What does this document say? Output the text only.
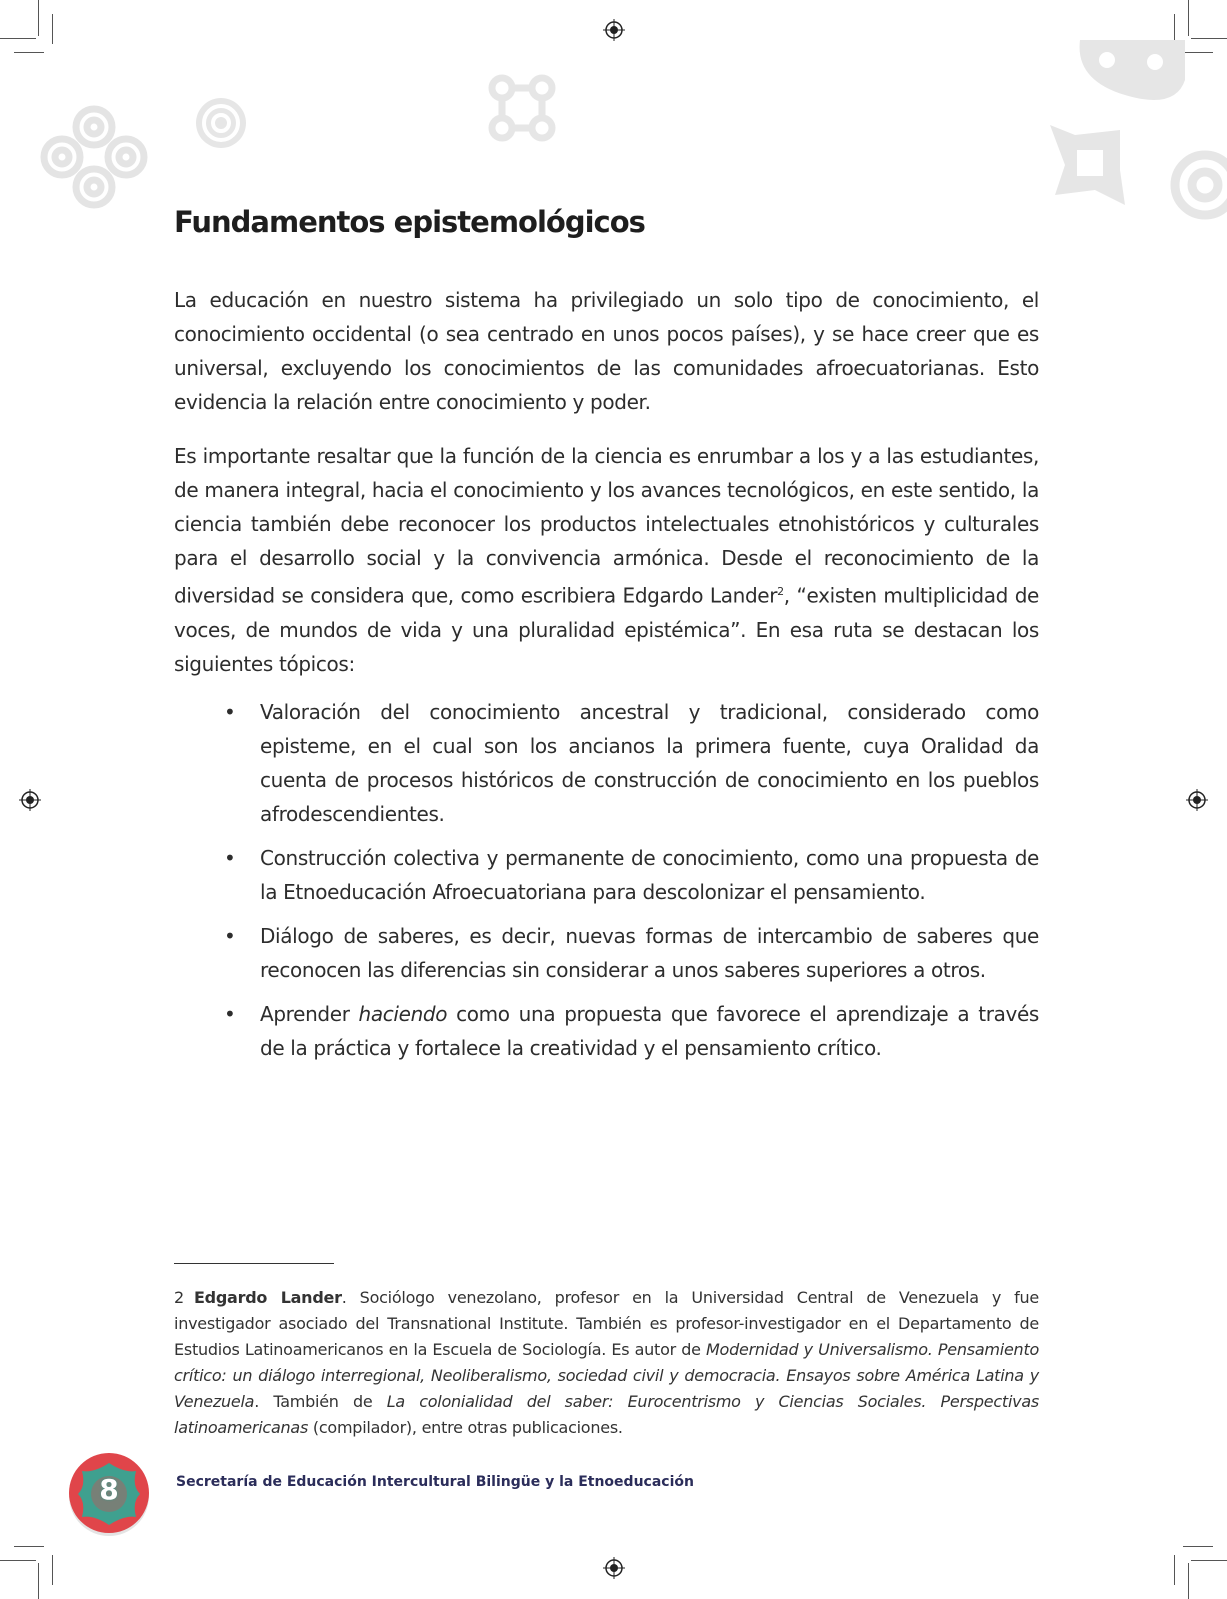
Fundamentos epistemológicos

La educación en nuestro sistema ha privilegiado un solo tipo de conocimiento, el conocimiento occidental (o sea centrado en unos pocos países), y se hace creer que es universal, excluyendo los conocimientos de las comunidades afroecuatorianas. Esto evidencia la relación entre conocimiento y poder.

Es importante resaltar que la función de la ciencia es enrumbar a los y a las estudiantes, de manera integral, hacia el conocimiento y los avances tecnológicos, en este sentido, la ciencia también debe reconocer los productos intelectuales etnohistóricos y culturales para el desarrollo social y la convivencia armónica. Desde el reconocimiento de la diversidad se considera que, como escribiera Edgardo Lander$^2$, “existen multiplicidad de voces, de mundos de vida y una pluralidad epistémica”. En esa ruta se destacan los siguientes tópicos:

• Valoración del conocimiento ancestral y tradicional, considerado como episteme, en el cual son los ancianos la primera fuente, cuya Oralidad da cuenta de procesos históricos de construcción de conocimiento en los pueblos afrodescendientes.
• Construcción colectiva y permanente de conocimiento, como una propuesta de la Etnoeducación Afroecuatoriana para descolonizar el pensamiento.
• Diálogo de saberes, es decir, nuevas formas de intercambio de saberes que reconocen las diferencias sin considerar a unos saberes superiores a otros.
• Aprender haciendo como una propuesta que favorece el aprendizaje a través de la práctica y fortalece la creatividad y el pensamiento crítico.

2 Edgardo Lander. Sociólogo venezolano, profesor en la Universidad Central de Venezuela y fue investigador asociado del Transnational Institute. También es profesor-investigador en el Departamento de Estudios Latinoamericanos en la Escuela de Sociología. Es autor de Modernidad y Universalismo. Pensamiento crítico: un diálogo interregional, Neoliberalismo, sociedad civil y democracia. Ensayos sobre América Latina y Venezuela. También de La colonialidad del saber: Eurocentrismo y Ciencias Sociales. Perspectivas latinoamericanas (compilador), entre otras publicaciones.

8	Secretaría de Educación Intercultural Bilingüe y la Etnoeducación
